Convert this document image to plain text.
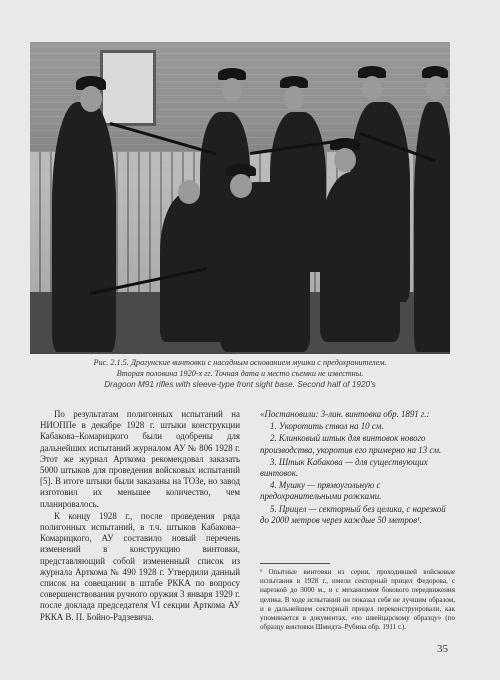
Рис. 2.1.5. Драгунские винтовки с насадным основанием мушки с предохранителем.
Вторая половина 1920-х гг. Точная дата и место съемки не известны.
Dragoon M91 rifles with sleeve-type front sight base. Second half of 1920's

По результатам полигонных испытаний на НИОППе в декабре 1928 г. штыки конструкции Кабакова–Комарицкого были одобрены для дальнейших испытаний журналом АУ № 806 1928 г. Этот же журнал Арткома рекомендовал заказать 5000 штыков для проведения войсковых испытаний [5]. В итоге штыки были заказаны на ТОЗе, но завод изготовил их меньшее количество, чем планировалось.

К концу 1928 г., после проведения ряда полигонных испытаний, в т.ч. штыков Кабакова–Комарицкого, АУ составило новый перечень изменений в конструкцию винтовки, представляющий собой измененный список из журнала Арткома № 490 1928 г. Утвердили данный список на совещании в штабе РККА по вопросу совершенствования ручного оружия 3 января 1929 г. после доклада председателя VI секции Арткома АУ РККА В. П. Бойно-Радзевича.

«Постановили: 3-лин. винтовка обр. 1891 г.:

1. Укоротить ствол на 10 см.

2. Клинковый штык для винтовок нового производства, укоротив его примерно на 13 см.

3. Штык Кабакова — для существующих винтовок.

4. Мушку — прямоугольную с предохранительными рожками.

5. Прицел — секторный без целика, с нарезкой до 2000 метров через каждые 50 метров¹.

¹ Опытные винтовки из серии, проходившей войсковые испытания в 1928 г., имели секторный прицел Федорова, с нарезкой до 3000 м., и с механизмом бокового передвижения целика. В ходе испытаний он показал себя не лучшим образом, и в дальнейшем секторный прицел переконструировали, как упоминается в документах, «по швейцарскому образцу» (по образцу винтовки Шмидта–Рубина обр. 1911 г.).
35
